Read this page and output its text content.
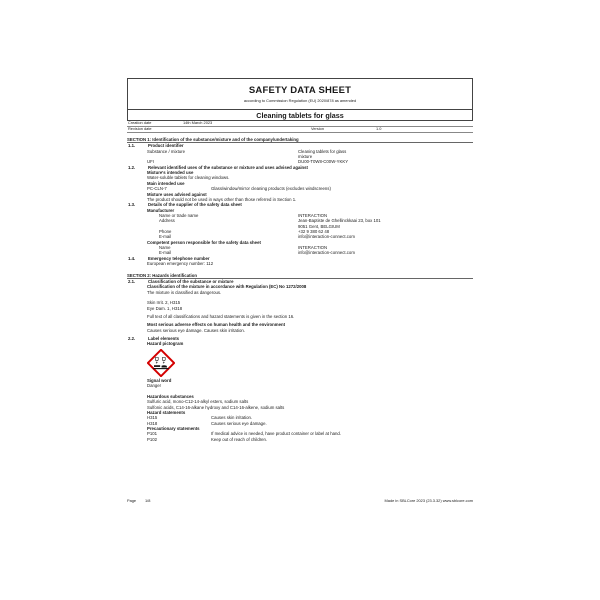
SAFETY DATA SHEET
according to Commission Regulation (EU) 2020/878 as amended
Cleaning tablets for glass
Creation date	14th March 2023
Revision date	Version	1.0
SECTION 1: Identification of the substance/mixture and of the company/undertaking
1.1.	Product identifier
Substance / mixture	Cleaning tablets for glass
mixture
UFI	DU00-T0W8-C00W-YKKY
1.2.	Relevant identified uses of the substance or mixture and uses advised against
Mixture's intended use
Water-soluble tablets for cleaning windows.
Main intended use
PC-CLN-7	Glass/window/mirror cleaning products (excludes windscreens)
Mixture uses advised against
The product should not be used in ways other than those referred in Section 1.
1.3.	Details of the supplier of the safety data sheet
Manufacturer
Name or trade name	INTERACTION
Address	Jean-Baptiste de Ghellinckkaai 23, box 101
9051 Gent, BELGIUM
Phone	+32 9 380 62 48
E-mail	info@interaction-connect.com
Competent person responsible for the safety data sheet
Name	INTERACTION
E-mail	info@interaction-connect.com
1.4.	Emergency telephone number
European emergency number: 112
SECTION 2: Hazards identification
2.1.	Classification of the substance or mixture
Classification of the mixture in accordance with Regulation (EC) No 1272/2008
The mixture is classified as dangerous.
Skin Irrit. 2, H315
Eye Dam. 1, H318
Full text of all classifications and hazard statements is given in the section 16.
Most serious adverse effects on human health and the environment
Causes serious eye damage. Causes skin irritation.
2.2.	Label elements
Hazard pictogram
Signal word
Danger
Hazardous substances
Sulfuric acid, mono-C12-14-alkyl esters, sodium salts
Sulfonic acids, C14-16-alkane hydroxy and C14-16-alkene, sodium salts
Hazard statements
H315	Causes skin irritation.
H318	Causes serious eye damage.
Precautionary statements
P101	If medical advice is needed, have product container or label at hand.
P102	Keep out of reach of children.
Page	1/8	Made in SBLCore 2023 (23.3.32) www.sblcore.com
